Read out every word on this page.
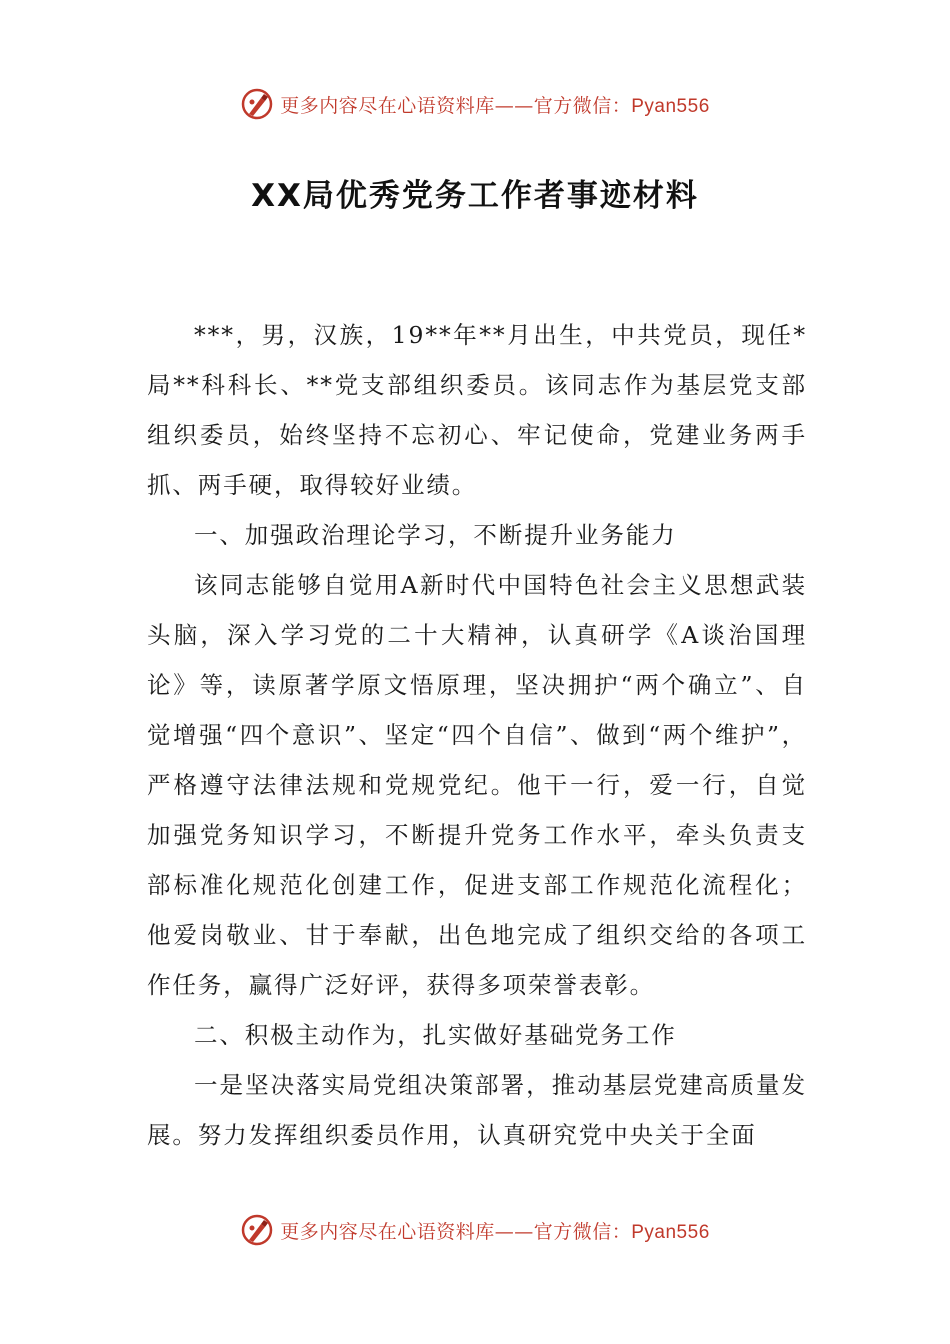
更多内容尽在心语资料库——官方微信：Pyan556
XX局优秀党务工作者事迹材料

***，男，汉族，19**年**月出生，中共党员，现任*局**科科长、**党支部组织委员。该同志作为基层党支部组织委员，始终坚持不忘初心、牢记使命，党建业务两手抓、两手硬，取得较好业绩。

一、加强政治理论学习，不断提升业务能力

该同志能够自觉用A新时代中国特色社会主义思想武装头脑，深入学习党的二十大精神，认真研学《A谈治国理论》等，读原著学原文悟原理，坚决拥护“两个确立”、自觉增强“四个意识”、坚定“四个自信”、做到“两个维护”，严格遵守法律法规和党规党纪。他干一行，爱一行，自觉加强党务知识学习，不断提升党务工作水平，牵头负责支部标准化规范化创建工作，促进支部工作规范化流程化；他爱岗敬业、甘于奉献，出色地完成了组织交给的各项工作任务，赢得广泛好评，获得多项荣誉表彰。

二、积极主动作为，扎实做好基础党务工作

一是坚决落实局党组决策部署，推动基层党建高质量发展。努力发挥组织委员作用，认真研究党中央关于全面

更多内容尽在心语资料库——官方微信：Pyan556
